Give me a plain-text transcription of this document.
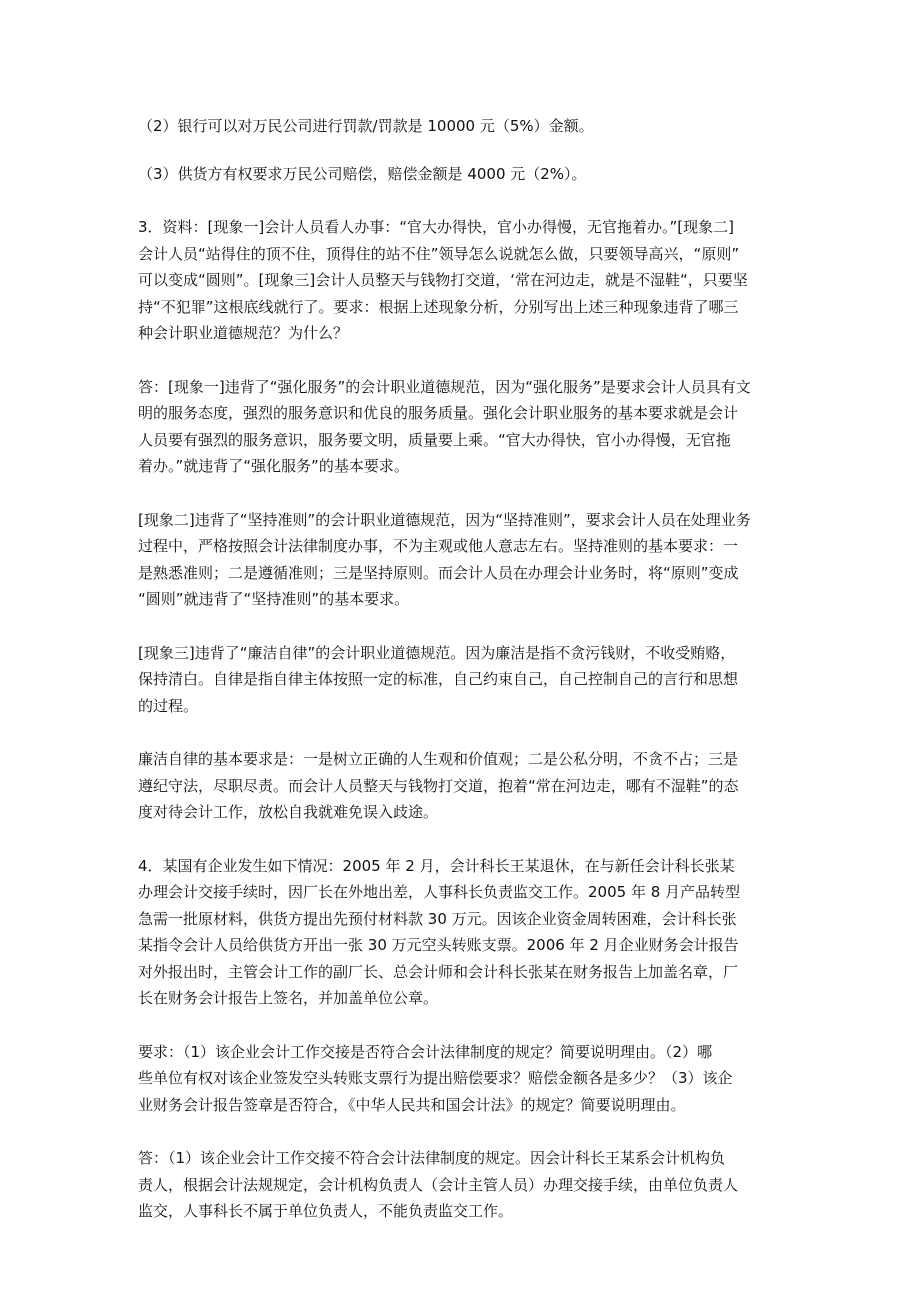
（2）银行可以对万民公司进行罚款/罚款是 10000 元（5%）金额。

（3）供货方有权要求万民公司赔偿，赔偿金额是 4000 元（2%）。

3．资料：[现象一]会计人员看人办事：“官大办得快，官小办得慢，无官拖着办。”[现象二]
会计人员“站得住的顶不住，顶得住的站不住”领导怎么说就怎么做，只要领导高兴，“原则”
可以变成“圆则”。[现象三]会计人员整天与钱物打交道，‘常在河边走，就是不湿鞋“，只要坚
持“不犯罪”这根底线就行了。要求：根据上述现象分析，分别写出上述三种现象违背了哪三
种会计职业道德规范？为什么？

答：[现象一]违背了“强化服务”的会计职业道德规范，因为“强化服务”是要求会计人员具有文
明的服务态度，强烈的服务意识和优良的服务质量。强化会计职业服务的基本要求就是会计
人员要有强烈的服务意识，服务要文明，质量要上乘。“官大办得快，官小办得慢，无官拖
着办。”就违背了“强化服务”的基本要求。

[现象二]违背了“坚持准则”的会计职业道德规范，因为“坚持准则”，要求会计人员在处理业务
过程中，严格按照会计法律制度办事，不为主观或他人意志左右。坚持准则的基本要求：一
是熟悉准则；二是遵循准则；三是坚持原则。而会计人员在办理会计业务时，将“原则”变成
“圆则”就违背了“坚持准则”的基本要求。

[现象三]违背了“廉洁自律”的会计职业道德规范。因为廉洁是指不贪污钱财，不收受贿赂，
保持清白。自律是指自律主体按照一定的标准，自己约束自己，自己控制自己的言行和思想
的过程。

廉洁自律的基本要求是：一是树立正确的人生观和价值观；二是公私分明，不贪不占；三是
遵纪守法，尽职尽责。而会计人员整天与钱物打交道，抱着“常在河边走，哪有不湿鞋”的态
度对待会计工作，放松自我就难免误入歧途。

4．某国有企业发生如下情况：2005 年 2 月，会计科长王某退休，在与新任会计科长张某
办理会计交接手续时，因厂长在外地出差，人事科长负责监交工作。2005 年 8 月产品转型
急需一批原材料，供货方提出先预付材料款 30 万元。因该企业资金周转困难，会计科长张
某指令会计人员给供货方开出一张 30 万元空头转账支票。2006 年 2 月企业财务会计报告
对外报出时，主管会计工作的副厂长、总会计师和会计科长张某在财务报告上加盖名章，厂
长在财务会计报告上签名，并加盖单位公章。

要求：（1）该企业会计工作交接是否符合会计法律制度的规定？简要说明理由。（2）哪
些单位有权对该企业签发空头转账支票行为提出赔偿要求？赔偿金额各是多少？（3）该企
业财务会计报告签章是否符合，《中华人民共和国会计法》的规定？简要说明理由。

答：（1）该企业会计工作交接不符合会计法律制度的规定。因会计科长王某系会计机构负
责人，根据会计法规规定，会计机构负责人（会计主管人员）办理交接手续，由单位负责人
监交，人事科长不属于单位负责人，不能负责监交工作。
